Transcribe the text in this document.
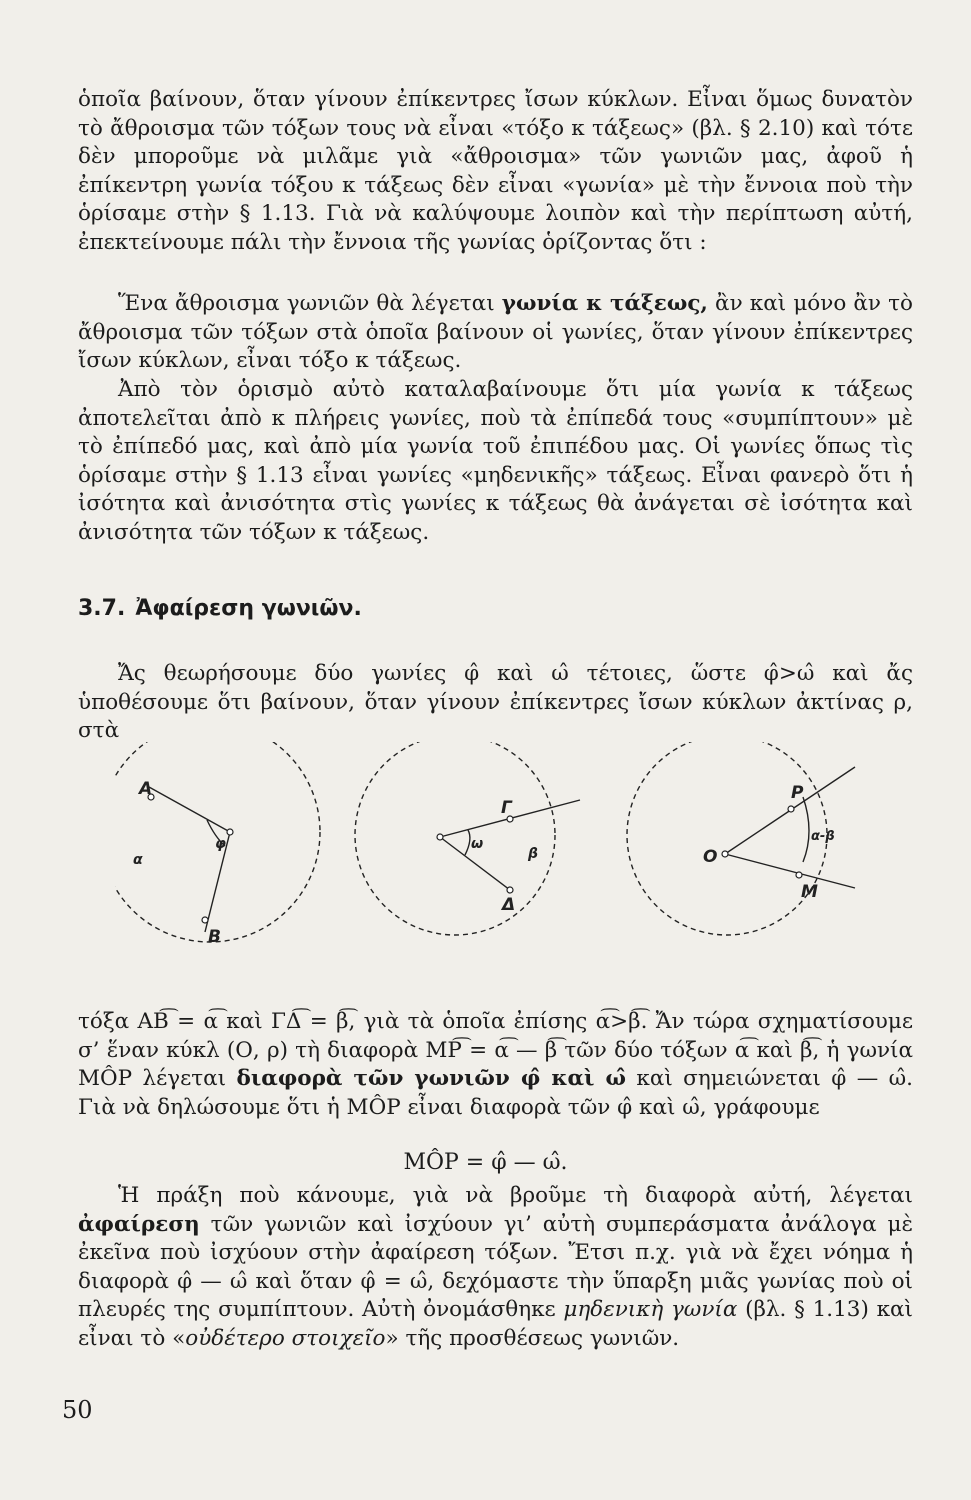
ὁποῖα βαίνουν, ὅταν γίνουν ἐπίκεντρες ἴσων κύκλων. Εἶναι ὅμως δυνατὸν τὸ ἄθροισμα τῶν τόξων τους νὰ εἶναι «τόξο κ τάξεως» (βλ. § 2.10) καὶ τότε δὲν μποροῦμε νὰ μιλᾶμε γιὰ «ἄθροισμα» τῶν γωνιῶν μας, ἀφοῦ ἡ ἐπίκεντρη γωνία τόξου κ τάξεως δὲν εἶναι «γωνία» μὲ τὴν ἔννοια ποὺ τὴν ὁρίσαμε στὴν § 1.13. Γιὰ νὰ καλύψουμε λοιπὸν καὶ τὴν περίπτωση αὐτή, ἐπεκτείνουμε πάλι τὴν ἔννοια τῆς γωνίας ὁρίζοντας ὅτι :

Ἕνα ἄθροισμα γωνιῶν θὰ λέγεται γωνία κ τάξεως, ἂν καὶ μόνο ἂν τὸ ἄθροισμα τῶν τόξων στὰ ὁποῖα βαίνουν οἱ γωνίες, ὅταν γίνουν ἐπίκεντρες ἴσων κύκλων, εἶναι τόξο κ τάξεως.

Ἀπὸ τὸν ὁρισμὸ αὐτὸ καταλαβαίνουμε ὅτι μία γωνία κ τάξεως ἀποτελεῖται ἀπὸ κ πλήρεις γωνίες, ποὺ τὰ ἐπίπεδά τους «συμπίπτουν» μὲ τὸ ἐπίπεδό μας, καὶ ἀπὸ μία γωνία τοῦ ἐπιπέδου μας. Οἱ γωνίες ὅπως τὶς ὁρίσαμε στὴν § 1.13 εἶναι γωνίες «μηδενικῆς» τάξεως. Εἶναι φανερὸ ὅτι ἡ ἰσότητα καὶ ἀνισότητα στὶς γωνίες κ τάξεως θὰ ἀνάγεται σὲ ἰσότητα καὶ ἀνισότητα τῶν τόξων κ τάξεως.

3.7. Ἀφαίρεση γωνιῶν.

Ἄς θεωρήσουμε δύο γωνίες φ̂ καὶ ω̂ τέτοιες, ὥστε φ̂>ω̂ καὶ ἄς ὑποθέσουμε ὅτι βαίνουν, ὅταν γίνουν ἐπίκεντρες ἴσων κύκλων ἀκτίνας ρ, στὰ

Α
Β
α
φ
Γ
Δ
β
ω
Ρ
Μ
Ο
α-β

τόξα ΑΒ͡ = α͡ καὶ ΓΔ͡ = β͡, γιὰ τὰ ὁποῖα ἐπίσης α͡>β͡. Ἄν τώρα σχηματίσουμε σ’ ἕναν κύκλ (Ο, ρ) τὴ διαφορὰ ΜΡ͡ = α͡ — β͡ τῶν δύο τόξων α͡ καὶ β͡, ἡ γωνία ΜÔΡ λέγεται διαφορὰ τῶν γωνιῶν φ̂ καὶ ω̂ καὶ σημειώνεται φ̂ — ω̂. Γιὰ νὰ δηλώσουμε ὅτι ἡ ΜÔΡ εἶναι διαφορὰ τῶν φ̂ καὶ ω̂, γράφουμε

ΜÔΡ = φ̂ — ω̂.

Ἡ πράξη ποὺ κάνουμε, γιὰ νὰ βροῦμε τὴ διαφορὰ αὐτή, λέγεται ἀφαίρεση τῶν γωνιῶν καὶ ἰσχύουν γι’ αὐτὴ συμπεράσματα ἀνάλογα μὲ ἐκεῖνα ποὺ ἰσχύουν στὴν ἀφαίρεση τόξων. Ἔτσι π.χ. γιὰ νὰ ἔχει νόημα ἡ διαφορὰ φ̂ — ω̂ καὶ ὅταν φ̂ = ω̂, δεχόμαστε τὴν ὕπαρξη μιᾶς γωνίας ποὺ οἱ πλευρές της συμπίπτουν. Αὐτὴ ὀνομάσθηκε μηδενικὴ γωνία (βλ. § 1.13) καὶ εἶναι τὸ «οὐδέτερο στοιχεῖο» τῆς προσθέσεως γωνιῶν.

50
